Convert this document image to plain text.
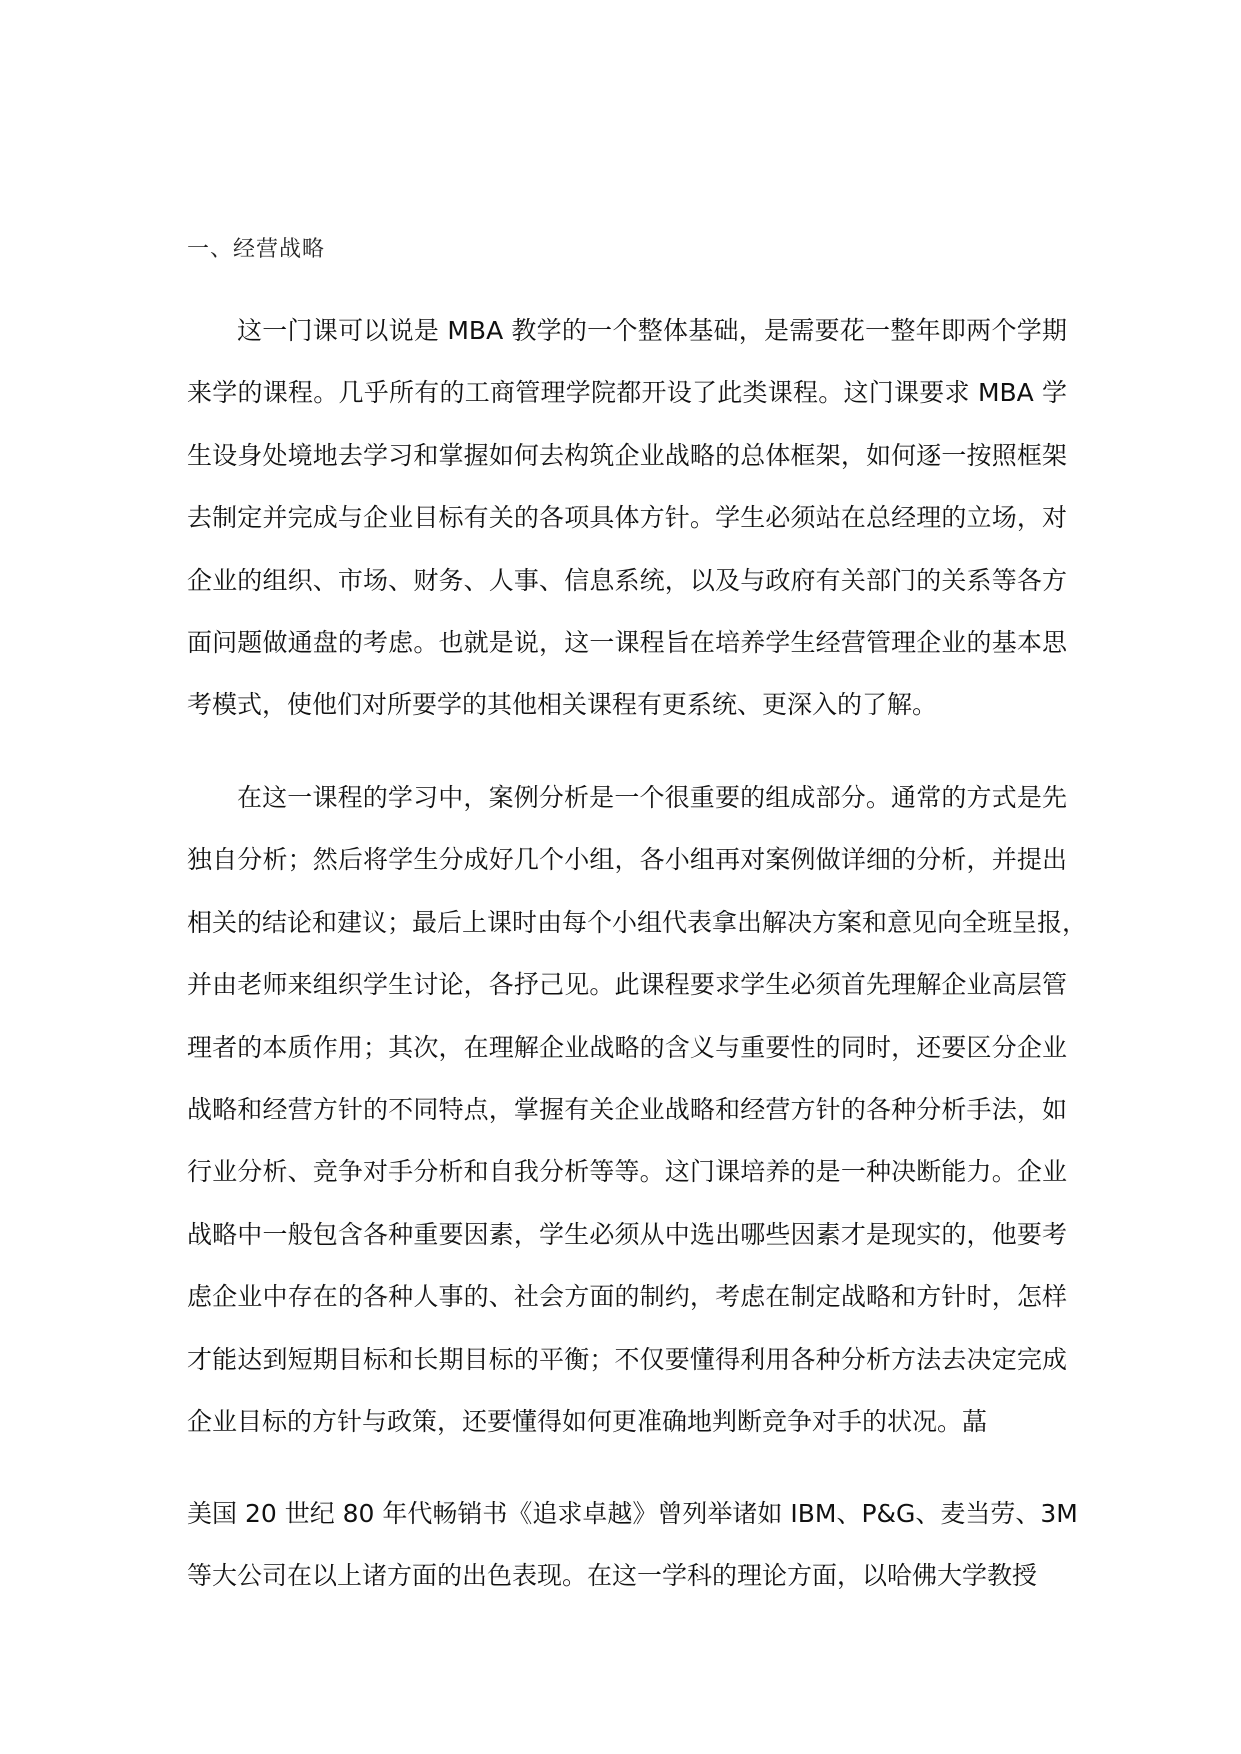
一、经营战略
这一门课可以说是 MBA 教学的一个整体基础，是需要花一整年即两个学期
来学的课程。几乎所有的工商管理学院都开设了此类课程。这门课要求 MBA 学
生设身处境地去学习和掌握如何去构筑企业战略的总体框架，如何逐一按照框架
去制定并完成与企业目标有关的各项具体方针。学生必须站在总经理的立场，对
企业的组织、市场、财务、人事、信息系统，以及与政府有关部门的关系等各方
面问题做通盘的考虑。也就是说，这一课程旨在培养学生经营管理企业的基本思
考模式，使他们对所要学的其他相关课程有更系统、更深入的了解。
在这一课程的学习中，案例分析是一个很重要的组成部分。通常的方式是先
独自分析；然后将学生分成好几个小组，各小组再对案例做详细的分析，并提出
相关的结论和建议；最后上课时由每个小组代表拿出解决方案和意见向全班呈报，
并由老师来组织学生讨论，各抒己见。此课程要求学生必须首先理解企业高层管
理者的本质作用；其次，在理解企业战略的含义与重要性的同时，还要区分企业
战略和经营方针的不同特点，掌握有关企业战略和经营方针的各种分析手法，如
行业分析、竞争对手分析和自我分析等等。这门课培养的是一种决断能力。企业
战略中一般包含各种重要因素，学生必须从中选出哪些因素才是现实的，他要考
虑企业中存在的各种人事的、社会方面的制约，考虑在制定战略和方针时，怎样
才能达到短期目标和长期目标的平衡；不仅要懂得利用各种分析方法去决定完成
企业目标的方针与政策，还要懂得如何更准确地判断竞争对手的状况。蕌
美国 20 世纪 80 年代畅销书《追求卓越》曾列举诸如 IBM、P&G、麦当劳、3M
等大公司在以上诸方面的出色表现。在这一学科的理论方面，以哈佛大学教授
